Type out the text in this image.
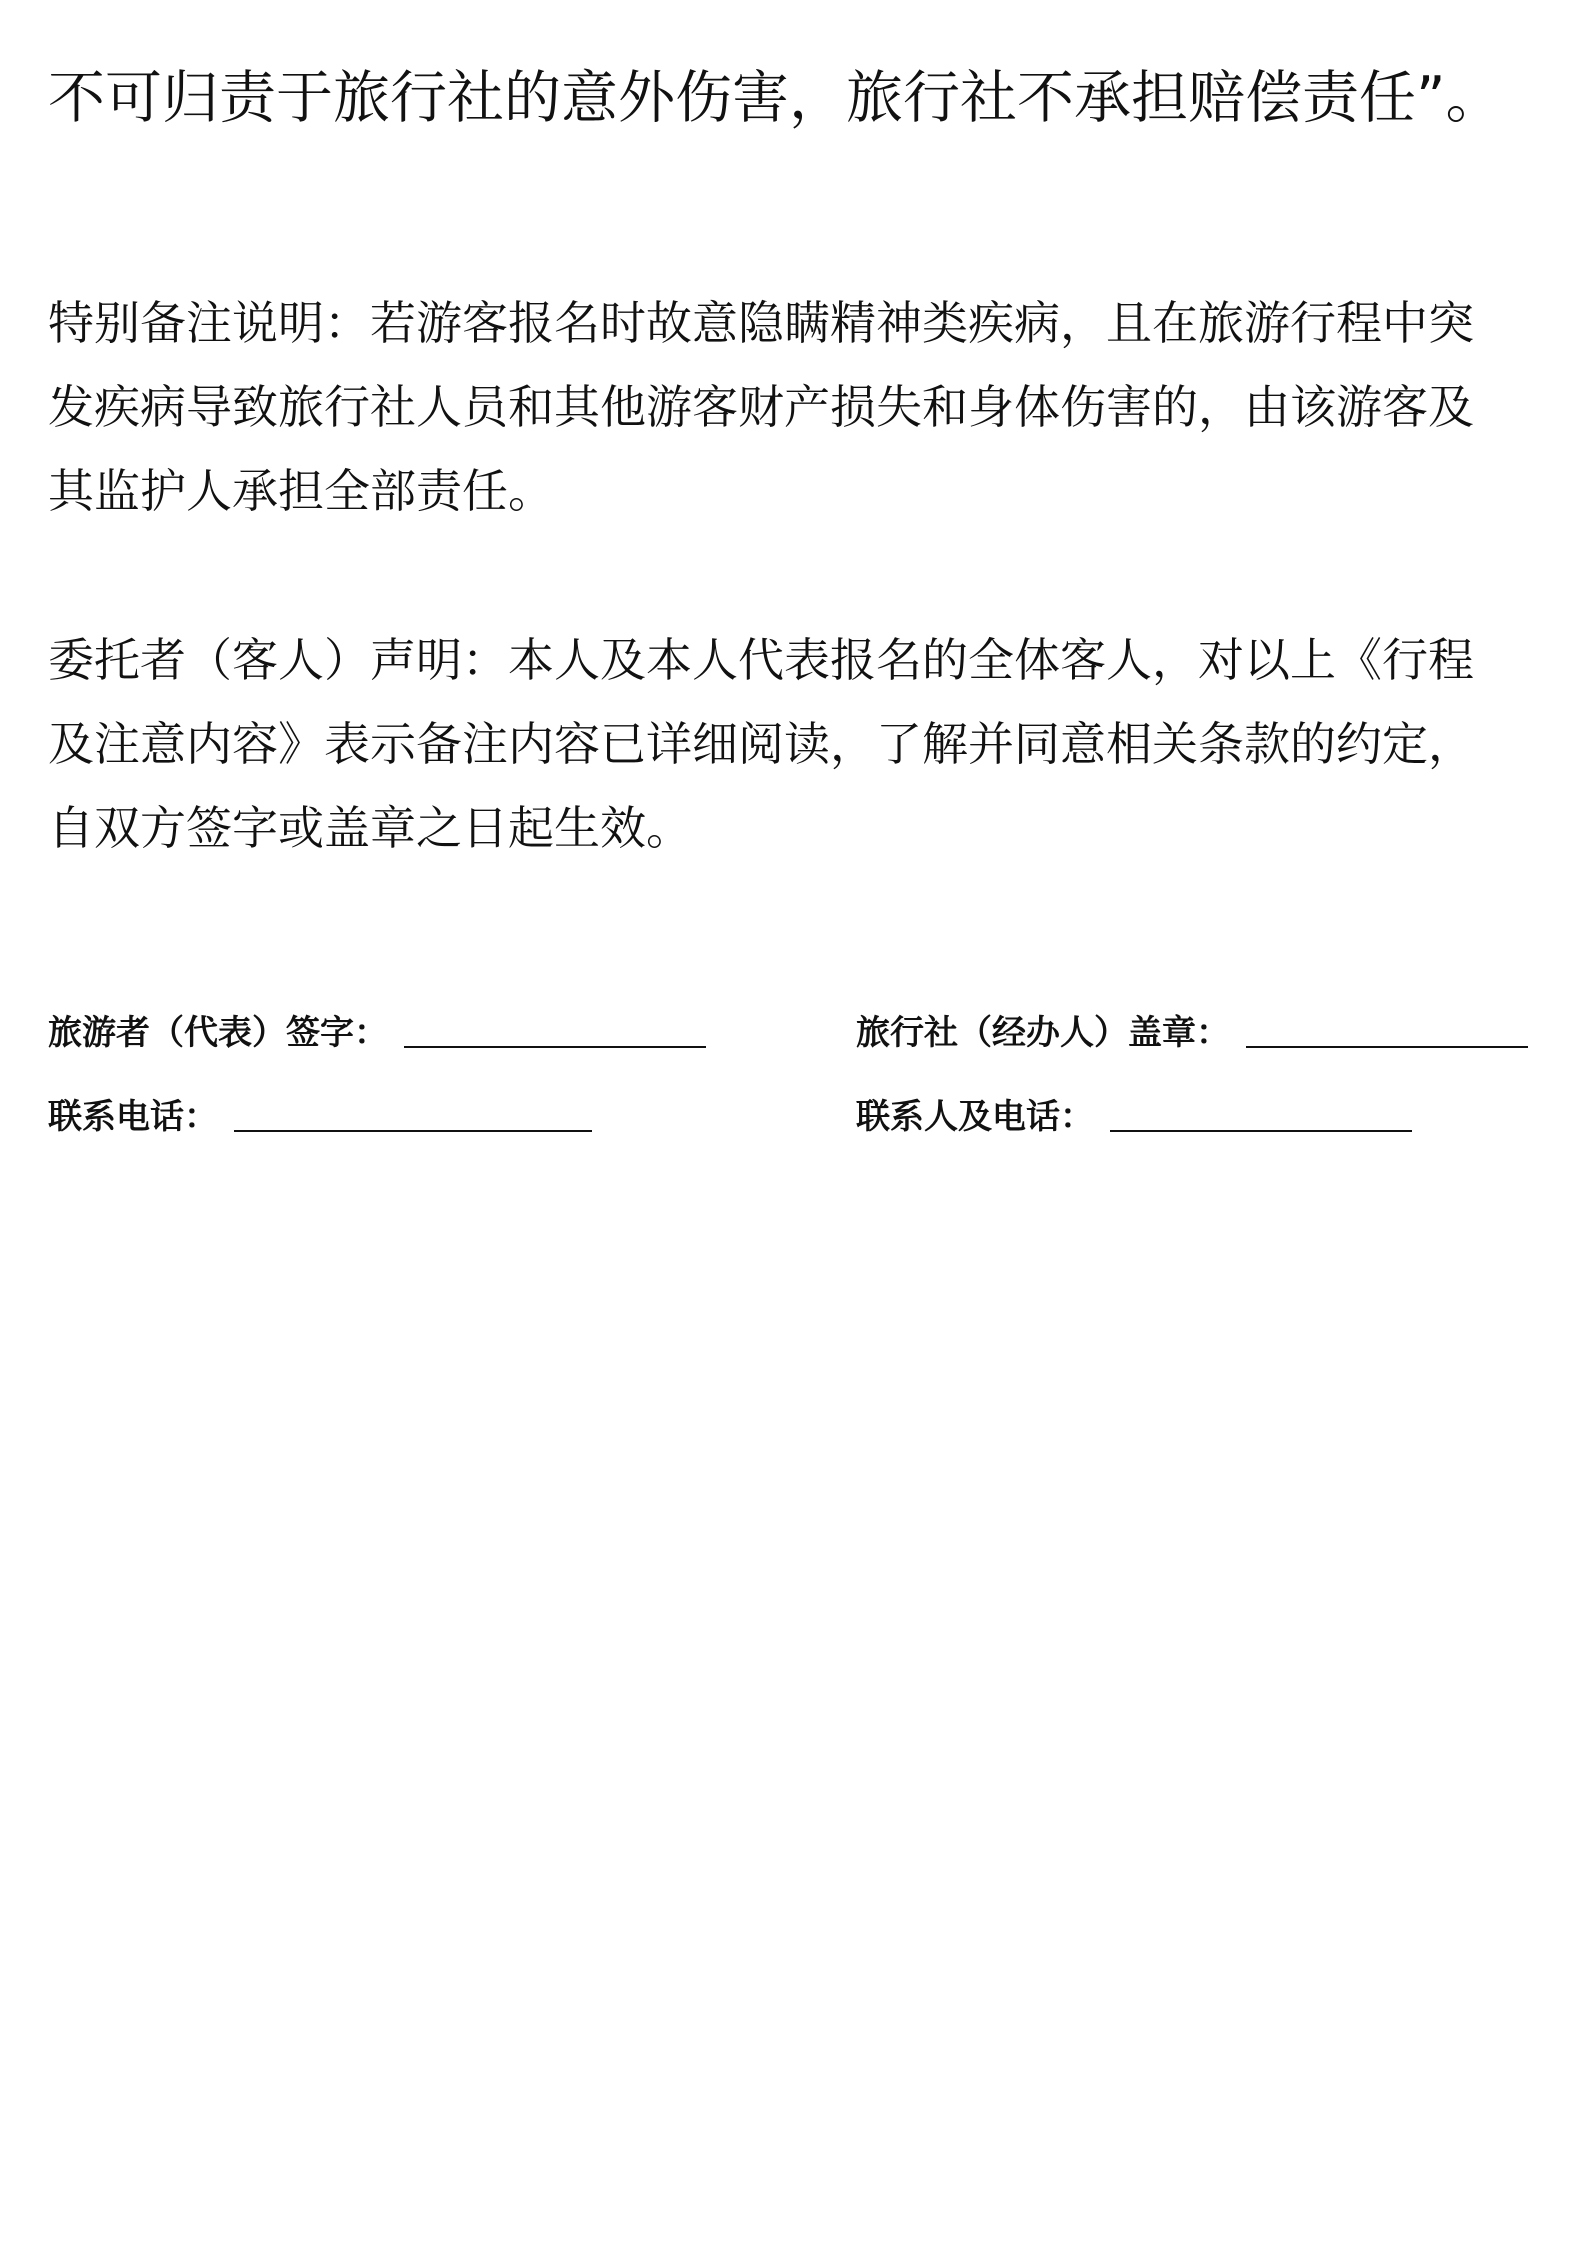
不可归责于旅行社的意外伤害，旅行社不承担赔偿责任”。
特别备注说明：若游客报名时故意隐瞒精神类疾病，且在旅游行程中突
发疾病导致旅行社人员和其他游客财产损失和身体伤害的，由该游客及
其监护人承担全部责任。
委托者（客人）声明：本人及本人代表报名的全体客人，对以上《行程
及注意内容》表示备注内容已详细阅读，了解并同意相关条款的约定，
自双方签字或盖章之日起生效。
旅游者（代表）签字：	旅行社（经办人）盖章：
联系电话：	联系人及电话：
